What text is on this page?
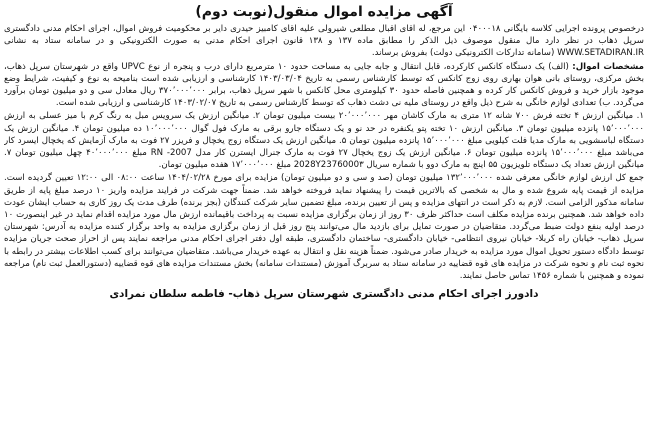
آگهی مزایده اموال منقول(نوبت دوم)

درخصوص پرونده اجرایی کلاسه بایگانی ۰۴۰۰۰۱۸ این مرجع، له اقای اقبال مطلعی شیرولی علیه اقای کامبیز حیدری دایر بر محکومیت فروش اموال، اجرای احکام مدنی دادگستری سرپل ذهاب در نظر دارد مال منقول موصوف ذیل الذکر را مطابق ماده ۱۳۷ و ۱۳۸ قانون اجرای احکام مدنی به صورت الکترونیکی و در سامانه ستاد به نشانی WWW.SETADIRAN.IR (سامانه تدارکات الکترونیکی دولت) بفروش برساند.

مشخصات اموال: (الف) یک دستگاه کانکس کارکرده، قابل انتقال و جابه جایی به مساحت حدود ۱۰ مترمربع دارای درب و پنجره از نوع UPVC واقع در شهرستان سرپل ذهاب، بخش مرکزی، روستای بانی هوان بهاری روی زوج کانکس که توسط کارشناس رسمی به تاریخ ۱۴۰۳/۰۳/۰۴ کارشناسی و ارزیابی شده است بنامیحه به نوع و کیفیت، شرایط وضع موجود بازار خرید و فروش کانکس کار کرده و همچنین فاصله حدود ۳۰ کیلومتری محل کانکس با شهر سرپل ذهاب، برابر ۳۷۰٬۰۰۰٬۰۰۰ ریال معادل سی و دو میلیون تومان برآورد می‌گردد. ب) تعدادی لوازم خانگی به شرح ذیل واقع در روستای ملیه نی دشت ذهاب که توسط کارشناس رسمی به تاریخ ۱۴۰۳/۰۲/۰۷ کارشناسی و ارزیابی شده است.

۱. میانگین ارزش ۴ تخته فرش ۷۰۰ شانه ۱۲ متری به مارک کاشان مهر ۲۰٬۰۰۰٬۰۰۰ بیست میلیون تومان ۲. میانگین ارزش یک سرویس مبل به رنگ کرم با میز عسلی به ارزش ۱۵٬۰۰۰٬۰۰۰ پانزده میلیون تومان ۳. میانگین ارزش ۱۰ تخته پتو یکنفره در حد نو و یک دستگاه جارو برقی به مارک فول گوال ۱۰٬۰۰۰٬۰۰۰ ده میلیون تومان ۴. میانگین ارزش یک دستگاه لباسشویی به مارک مدیا فلت کیلویی مبلغ ۱۵٬۰۰۰٬۰۰۰ پانزده میلیون تومان ۵. میانگین ارزش یک دستگاه زوج یخچال و فریزر ۲۷ فوت به مارک آزمایش که یخچال ایسرد کار می‌باشد مبلغ ۱۵٬۰۰۰٬۰۰۰ پانزده میلیون تومان ۶. میانگین ارزش یک زوج یخچال ۲۷ فوت به مارک جنرال ایسترن کار مدل 2007- RN مبلغ ۴۰٬۰۰۰٬۰۰۰ چهل میلیون تومان ۷. میانگین ارزش تعداد یک دستگاه تلویزیون ۵۵ اینچ به مارک دوو با شماره سریال 2028Y2376000۳ مبلغ ۱۷٬۰۰۰٬۰۰۰ هفده میلیون تومان.

جمع کل ارزش لوازم خانگی معرفی شده ۱۳۲٬۰۰۰٬۰۰۰ میلیون تومان (صد و سی و دو میلیون تومان) مزایده برای مورخ ۱۴۰۴/۰۲/۲۸ ساعت ۰۸:۰۰ الی ۱۲:۰۰ تعیین گردیده است. مزایده از قیمت پایه شروع شده و مال به شخصی که بالاترین قیمت را پیشنهاد نماید فروخته خواهد شد. ضمناً جهت شرکت در فرایند مزایده واریز ۱۰ درصد مبلغ پایه از طریق سامانه مذکور الزامی است. لازم به ذکر است در انتهای مزایده و پس از تعیین برنده، مبلغ تضمین سایر شرکت کنندگان (بجز برنده) طرف مدت یک روز کاری به حساب ایشان عودت داده خواهد شد. همچنین برنده مزایده مکلف است حداکثر ظرف ۳۰ روز از زمان برگزاری مزایده نسبت به پرداخت باقیمانده ارزش مال مورد مزایده اقدام نماید در غیر اینصورت ۱۰ درصد اولیه بنفع دولت ضبط می‌گردد. متقاضیان در صورت تمایل برای بازدید مال می‌توانند پنج روز قبل از زمان برگزاری مزایده به واحد برگزار کننده مزایده به آدرس: شهرستان سرپل ذهاب- خیابان راه کربلا- خیابان نیروی انتظامی- خیابان دادگستری- ساختمان دادگستری، طبقه اول دفتر اجرای احکام مدنی مراجعه نمایند پس از احراز صحت جریان مزایده توسط دادگاه دستور تحویل اموال مورد مزایده به خریدار صادر می‌شود. ضمناً هزینه نقل و انتقال به عهده خریدار می‌باشد. متقاضیان می‌توانند برای کسب اطلاعات بیشتر در رابطه با نحوه ثبت نام و نحوه شرکت در مزایده های قوه قضاییه در سامانه ستاد به سربرگ آموزش (مستندات سامانه) بخش مستندات مزایده های قوه قضاییه (دستورالعمل ثبت نام) مراجعه نموده و همچنین با شماره ۱۴۵۶ تماس حاصل نمایند.

دادورز اجرای احکام مدنی دادگستری شهرستان سرپل ذهاب- فاطمه سلطان نمرادی
